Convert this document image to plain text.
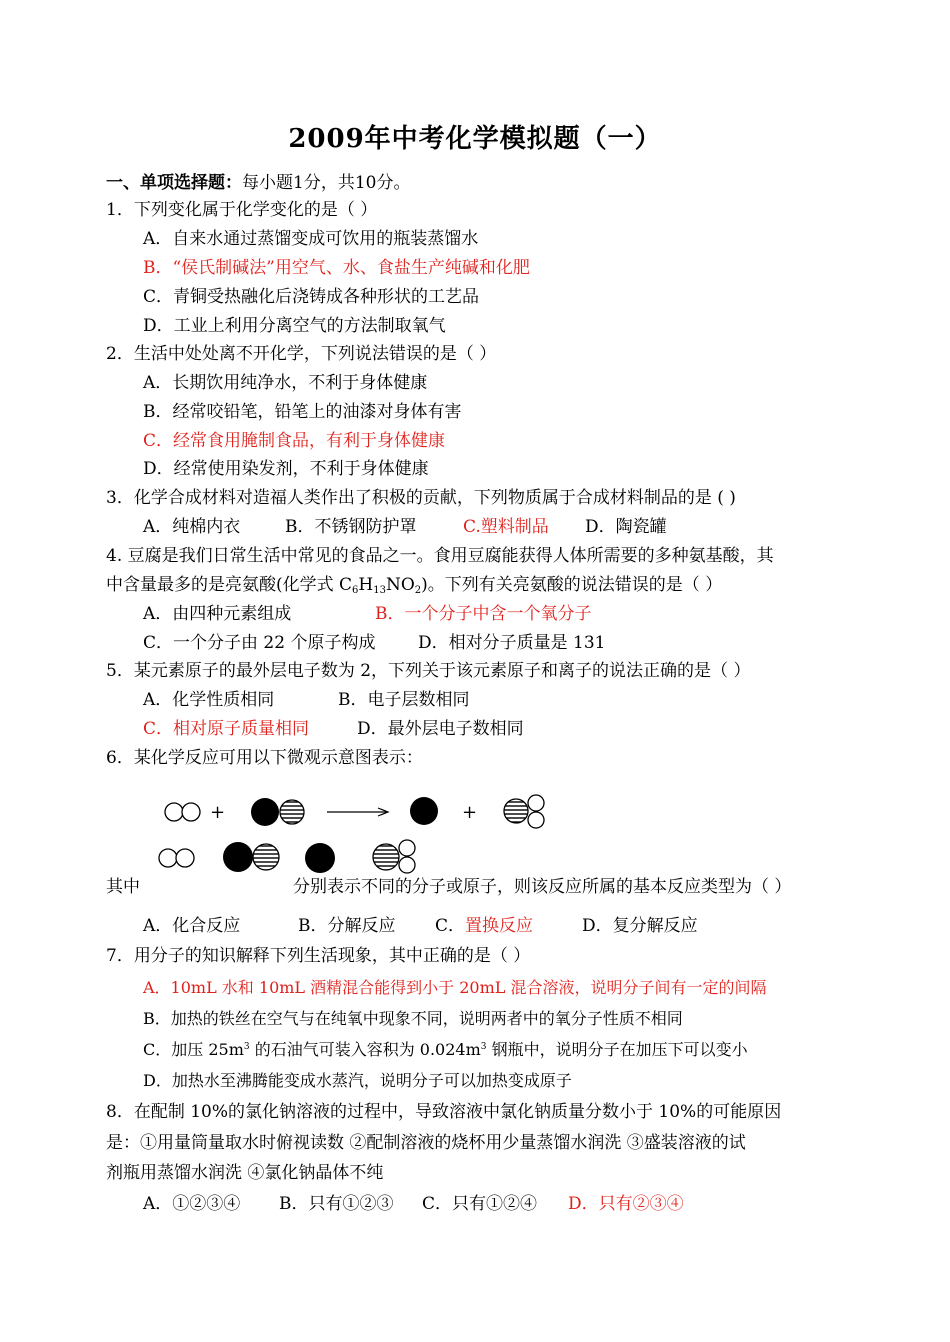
2009年中考化学模拟题（一）
一、单项选择题：每小题1分，共10分。
1．下列变化属于化学变化的是（ ）
A．自来水通过蒸馏变成可饮用的瓶装蒸馏水
B．“侯氏制碱法”用空气、水、食盐生产纯碱和化肥
C．青铜受热融化后浇铸成各种形状的工艺品
D．工业上利用分离空气的方法制取氧气
2．生活中处处离不开化学，下列说法错误的是（ ）
A．长期饮用纯净水，不利于身体健康
B．经常咬铅笔，铅笔上的油漆对身体有害
C．经常食用腌制食品，有利于身体健康
D．经常使用染发剂，不利于身体健康
3．化学合成材料对造福人类作出了积极的贡献，下列物质属于合成材料制品的是 ( )
A．纯棉内衣	B．不锈钢防护罩	C.塑料制品 D．陶瓷罐
4. 豆腐是我们日常生活中常见的食品之一。食用豆腐能获得人体所需要的多种氨基酸，其
中含量最多的是亮氨酸(化学式 $C_6H_{13}NO_2$)。下列有关亮氨酸的说法错误的是（ ）
A．由四种元素组成	B．一个分子中含一个氧分子
C．一个分子由 22 个原子构成	D．相对分子质量是 131
5．某元素原子的最外层电子数为 2，下列关于该元素原子和离子的说法正确的是（ ）
A．化学性质相同	B．电子层数相同
C．相对原子质量相同	D．最外层电子数相同
6．某化学反应可用以下微观示意图表示：
+	+
其中	分别表示不同的分子或原子，则该反应所属的基本反应类型为（ ）
A．化合反应	B．分解反应 C．置换反应	D．复分解反应
7．用分子的知识解释下列生活现象，其中正确的是（ ）
A．10mL 水和 10mL 酒精混合能得到小于 20mL 混合溶液，说明分子间有一定的间隔
B．加热的铁丝在空气与在纯氧中现象不同，说明两者中的氧分子性质不相同
C．加压 $25m^3$ 的石油气可装入容积为 $0.024m^3$ 钢瓶中，说明分子在加压下可以变小
D．加热水至沸腾能变成水蒸汽，说明分子可以加热变成原子
8．在配制 10%的氯化钠溶液的过程中，导致溶液中氯化钠质量分数小于 10%的可能原因
是：①用量筒量取水时俯视读数 ②配制溶液的烧杯用少量蒸馏水润洗 ③盛装溶液的试
剂瓶用蒸馏水润洗 ④氯化钠晶体不纯
A．①②③④ B．只有①②③ C．只有①②④ D．只有②③④
